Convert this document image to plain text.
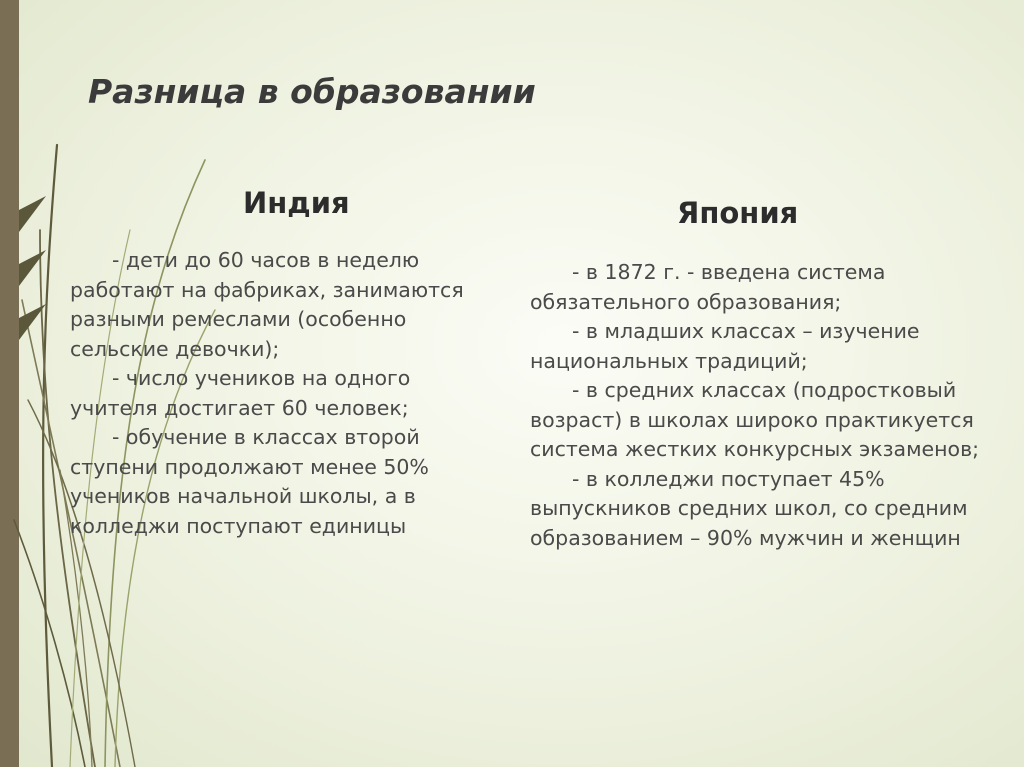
Разница в образовании
Индия

- дети до 60 часов в неделю работают на фабриках, занимаются разными ремеслами (особенно сельские девочки);

- число учеников на одного учителя достигает 60 человек;

- обучение в классах второй ступени продолжают менее 50% учеников начальной школы, а в колледжи поступают единицы

Япония

- в 1872 г. - введена система обязательного образования;

- в младших классах – изучение национальных традиций;

- в средних классах (подростковый возраст) в школах широко практикуется система жестких конкурсных экзаменов;

- в колледжи поступает 45% выпускников средних школ, со средним образованием – 90% мужчин и женщин
